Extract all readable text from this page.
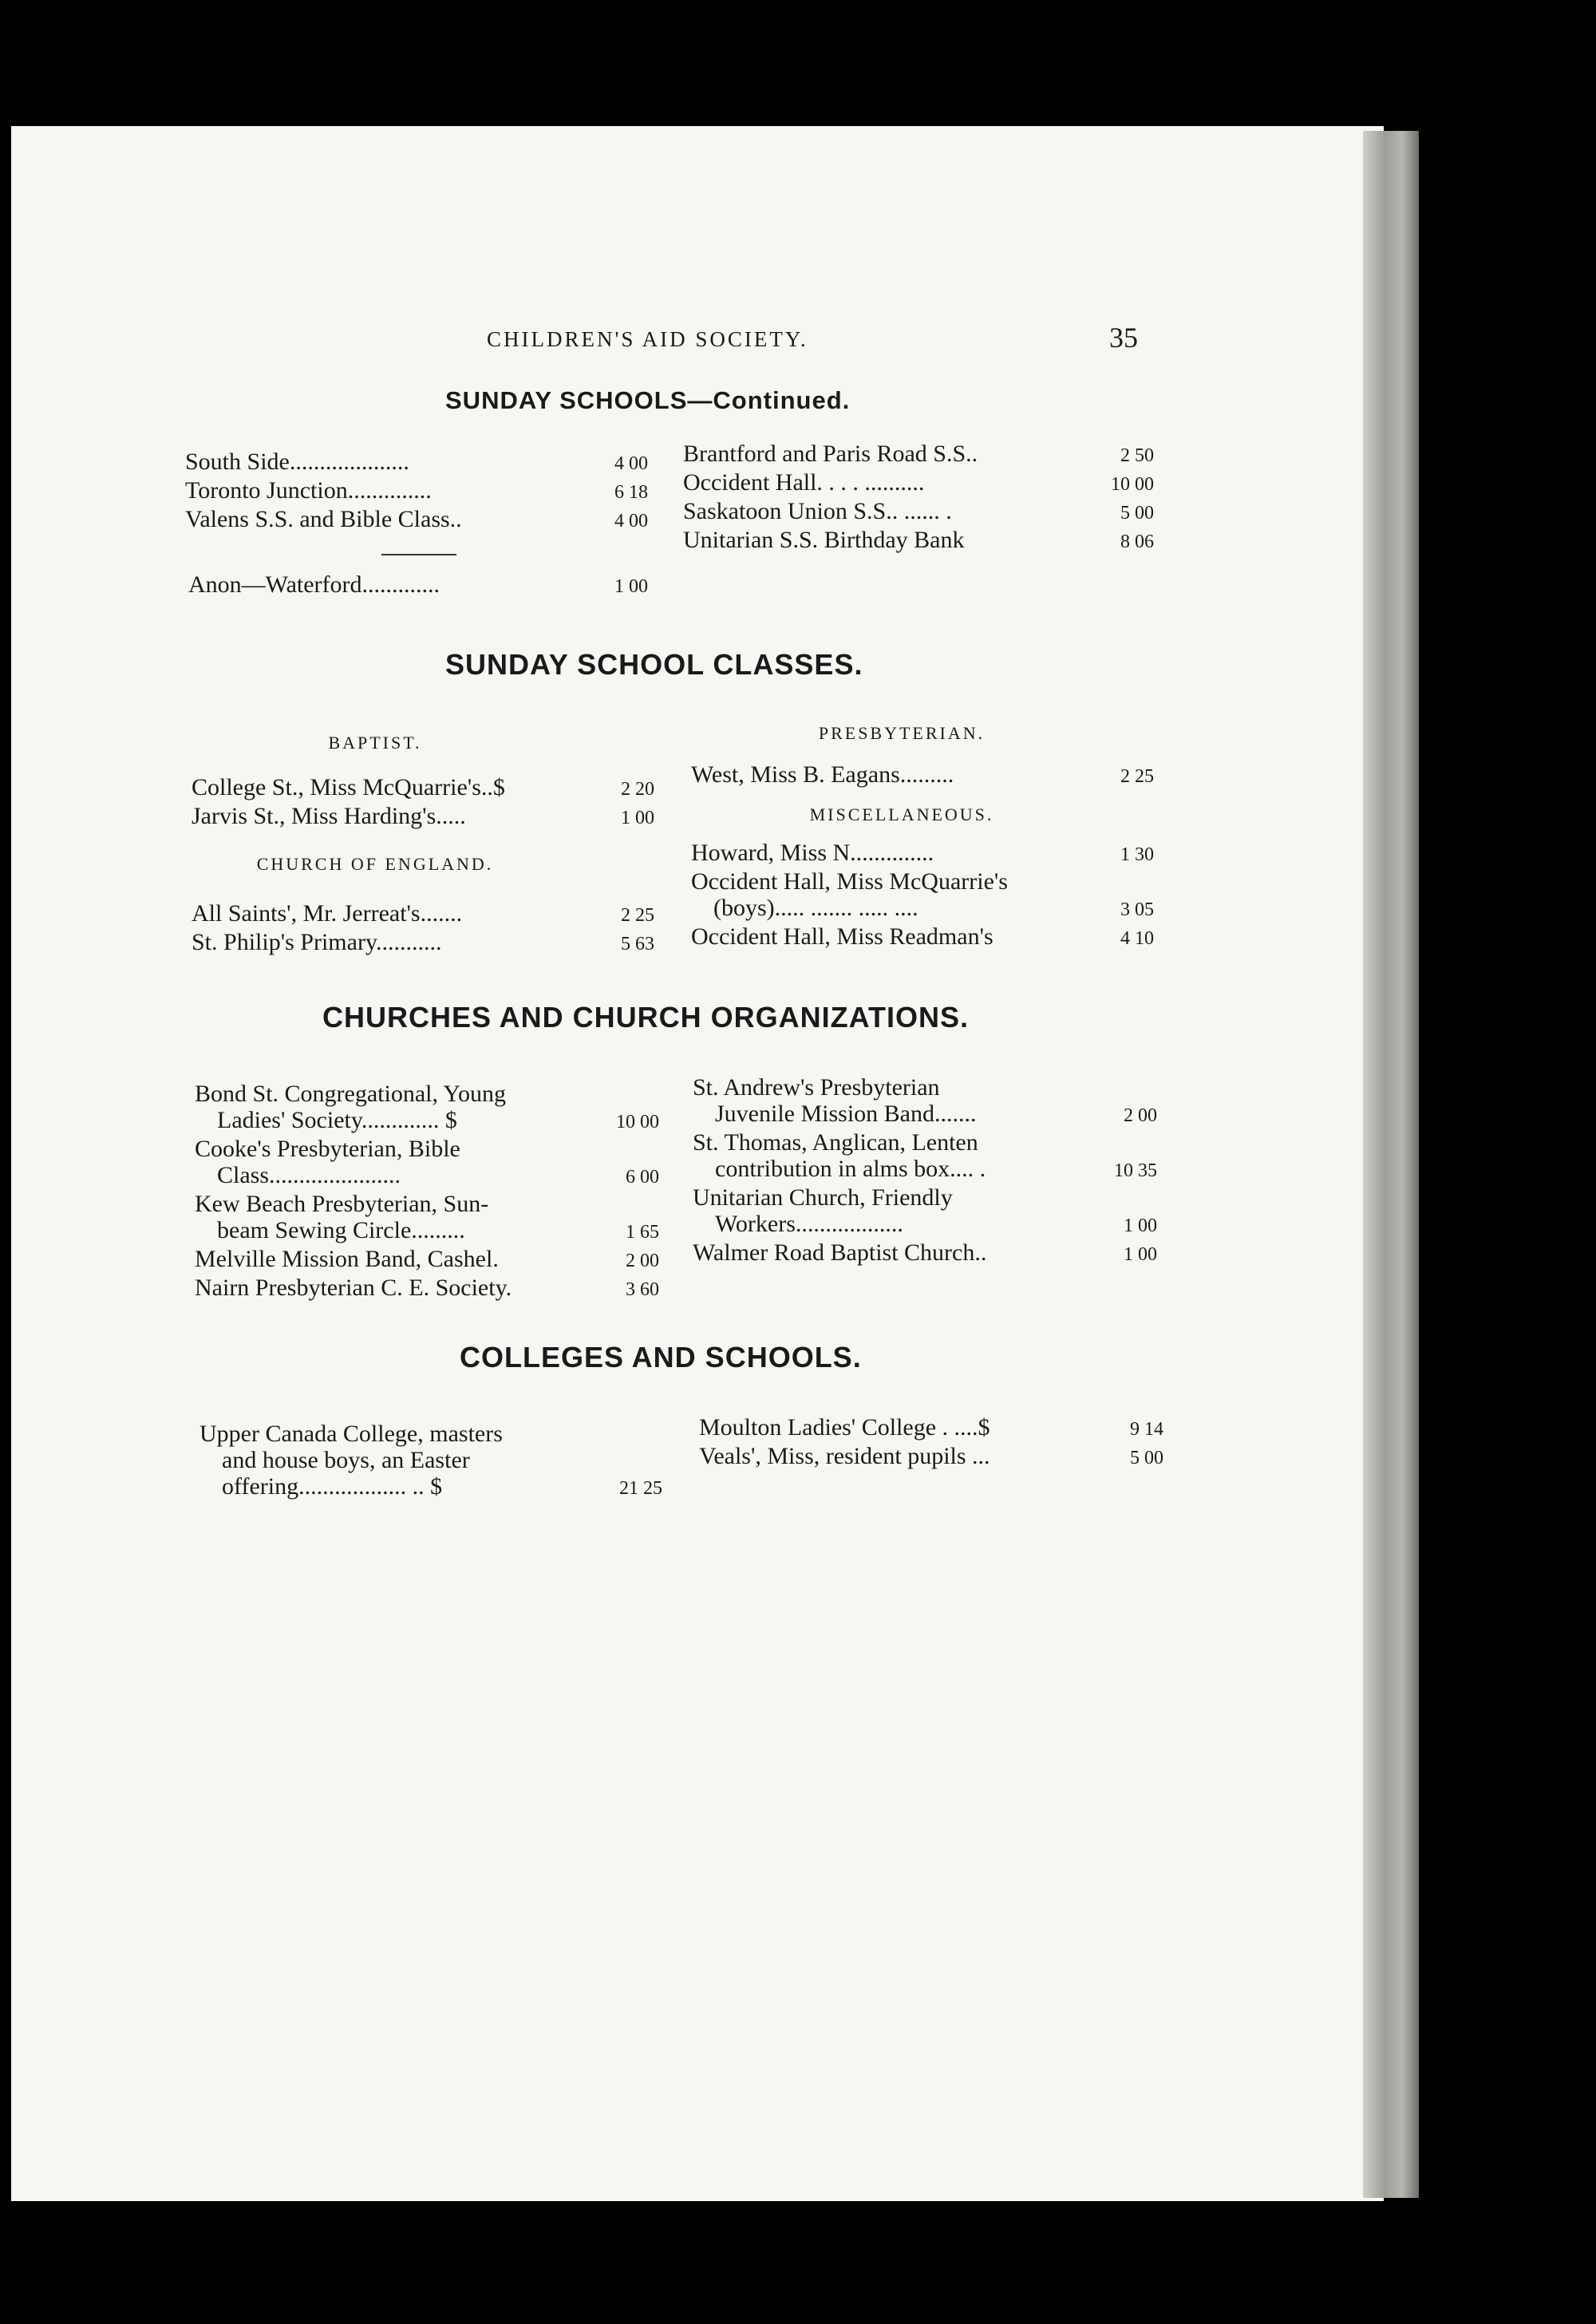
CHILDREN'S AID SOCIETY.	35
SUNDAY SCHOOLS—Continued.
South Side....................	4 00
Toronto Junction..............	6 18
Valens S.S. and Bible Class..	4 00
Brantford and Paris Road S.S..	2 50
Occident Hall. . . . ..........	10 00
Saskatoon Union S.S.. ...... .	5 00
Unitarian S.S. Birthday Bank	8 06
Anon—Waterford.............	1 00
SUNDAY SCHOOL CLASSES.
BAPTIST.
College St., Miss McQuarrie's..$	2 20
Jarvis St., Miss Harding's.....	1 00
CHURCH OF ENGLAND.
All Saints', Mr. Jerreat's.......	2 25
St. Philip's Primary...........	5 63
PRESBYTERIAN.
West, Miss B. Eagans.........	2 25
MISCELLANEOUS.
Howard, Miss N..............	1 30
Occident Hall, Miss McQuarrie's
(boys)..... ....... ..... ....	3 05
Occident Hall, Miss Readman's	4 10
CHURCHES AND CHURCH ORGANIZATIONS.
Bond St. Congregational, Young
Ladies' Society............. $	10 00
Cooke's Presbyterian, Bible
Class......................	6 00
Kew Beach Presbyterian, Sun-
beam Sewing Circle.........	1 65
Melville Mission Band, Cashel.	2 00
Nairn Presbyterian C. E. Society.	3 60
St. Andrew's Presbyterian
Juvenile Mission Band.......	2 00
St. Thomas, Anglican, Lenten
contribution in alms box.... .	10 35
Unitarian Church, Friendly
Workers..................	1 00
Walmer Road Baptist Church..	1 00
COLLEGES AND SCHOOLS.
Upper Canada College, masters
and house boys, an Easter
offering.................. .. $	21 25
Moulton Ladies' College . ....$	9 14
Veals', Miss, resident pupils ...	5 00
